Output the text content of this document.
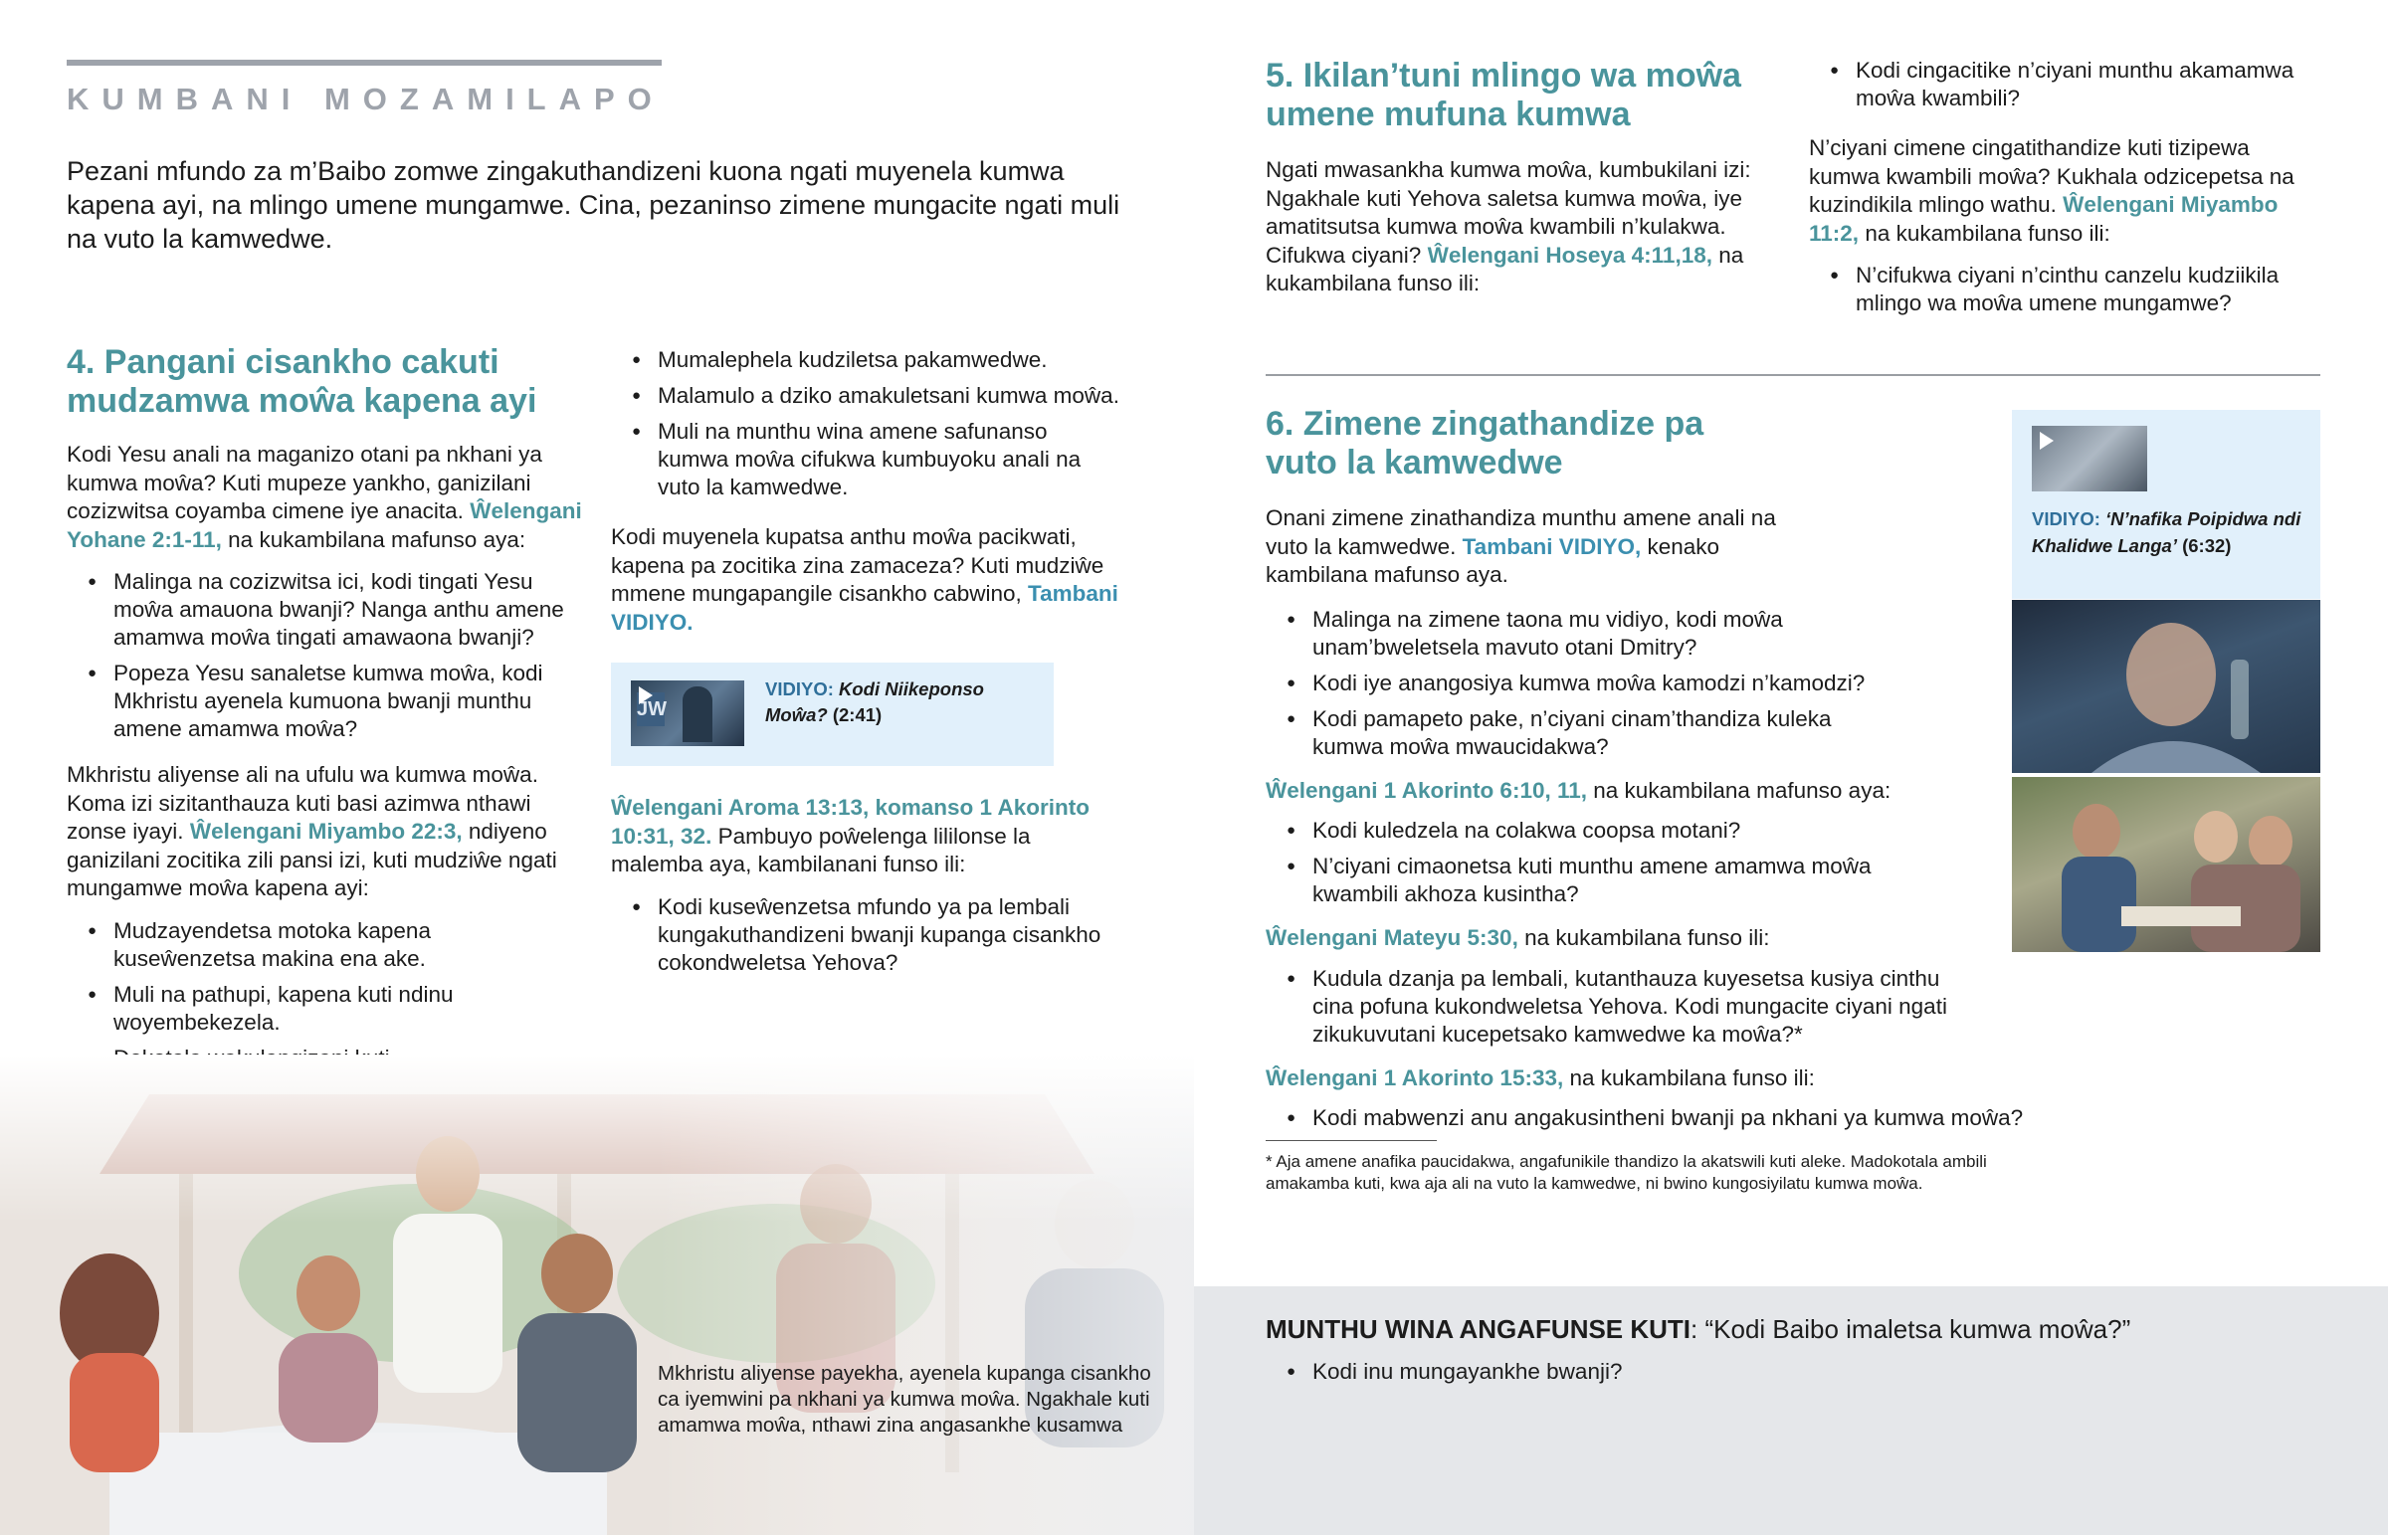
KUMBANI MOZAMILAPO

Pezani mfundo za m’Baibo zomwe zingakuthandizeni kuona ngati muyenela kumwa kapena ayi, na mlingo umene mungamwe. Cina, pezaninso zimene mungacite ngati muli na vuto la kamwedwe.

4. Pangani cisankho cakuti mudzamwa moŵa kapena ayi

Kodi Yesu anali na maganizo otani pa nkhani ya kumwa moŵa? Kuti mupeze yankho, ganizilani cozizwitsa coyamba cimene iye anacita. Ŵelengani Yohane 2:1-11, na kukambilana mafunso aya:

● Malinga na cozizwitsa ici, kodi tingati Yesu moŵa amauona bwanji? Nanga anthu amene amamwa moŵa tingati amawaona bwanji?
● Popeza Yesu sanaletse kumwa moŵa, kodi Mkhristu ayenela kumuona bwanji munthu amene amamwa moŵa?

Mkhristu aliyense ali na ufulu wa kumwa moŵa. Koma izi sizitanthauza kuti basi azimwa nthawi zonse iyayi. Ŵelengani Miyambo 22:3, ndiyeno ganizilani zocitika zili pansi izi, kuti mudziŵe ngati mungamwe moŵa kapena ayi:

● Mudzayendetsa motoka kapena kuseŵenzetsa makina ena ake.
● Muli na pathupi, kapena kuti ndinu woyembekezela.
●
● Mumalephela kudziletsa pakamwedwe.
● Malamulo a dziko amakuletsani kumwa moŵa.
● Muli na munthu wina amene safunanso kumwa moŵa cifukwa kumbuyoku anali na vuto la kamwedwe.

Kodi muyenela kupatsa anthu moŵa pacikwati, kapena pa zocitika zina zamaceza? Kuti mudziŵe mmene mungapangile cisankho cabwino, Tambani VIDIYO.

JW
VIDIYO: Kodi Niikeponso Moŵa? (2:41)

Ŵelengani Aroma 13:13, komanso 1 Akorinto 10:31, 32. Pambuyo poŵelenga lililonse la malemba aya, kambilanani funso ili:

● Kodi kuseŵenzetsa mfundo ya pa lembali kungakuthandizeni bwanji kupanga cisankho cokondweletsa Yehova?

Mkhristu aliyense payekha, ayenela kupanga cisankho ca iyemwini pa nkhani ya kumwa moŵa. Ngakhale kuti amamwa moŵa, nthawi zina angasankhe kusamwa

5. Ikilan’tuni mlingo wa moŵa umene mufuna kumwa

Ngati mwasankha kumwa moŵa, kumbukilani izi: Ngakhale kuti Yehova saletsa kumwa moŵa, iye amatitsutsa kumwa moŵa kwambili n’kulakwa. Cifukwa ciyani? Ŵelengani Hoseya 4:11,18, na kukambilana funso ili:

● Kodi cingacitike n’ciyani munthu akamamwa moŵa kwambili?

N’ciyani cimene cingatithandize kuti tizipewa kumwa kwambili moŵa? Kukhala odzicepetsa na kuzindikila mlingo wathu. Ŵelengani Miyambo 11:2, na kukambilana funso ili:

● N’cifukwa ciyani n’cinthu canzelu kudziikila mlingo wa moŵa umene mungamwe?
6. Zimene zingathandize pa vuto la kamwedwe

Onani zimene zinathandiza munthu amene anali na vuto la kamwedwe. Tambani VIDIYO, kenako kambilana mafunso aya.

● Malinga na zimene taona mu vidiyo, kodi moŵa unam’bweletsela mavuto otani Dmitry?
● Kodi iye anangosiya kumwa moŵa kamodzi n’kamodzi?
● Kodi pamapeto pake, n’ciyani cinam’thandiza kuleka kumwa moŵa mwaucidakwa?

Ŵelengani 1 Akorinto 6:10, 11, na kukambilana mafunso aya:

● Kodi kuledzela na colakwa coopsa motani?
● N’ciyani cimaonetsa kuti munthu amene amamwa moŵa kwambili akhoza kusintha?

Ŵelengani Mateyu 5:30, na kukambilana funso ili:

● Kudula dzanja pa lembali, kutanthauza kuyesetsa kusiya cinthu cina pofuna kukondweletsa Yehova. Kodi mungacite ciyani ngati zikukuvutani kucepetsako kamwedwe ka moŵa?*

Ŵelengani 1 Akorinto 15:33, na kukambilana funso ili:

● Kodi mabwenzi anu angakusintheni bwanji pa nkhani ya kumwa moŵa?

* Aja amene anafika paucidakwa, angafunikile thandizo la akatswili kuti aleke. Madokotala ambili amakamba kuti, kwa aja ali na vuto la kamwedwe, ni bwino kungosiyilatu kumwa moŵa.

VIDIYO: ‘N’nafika Poipidwa ndi Khalidwe Langa’ (6:32)

MUNTHU WINA ANGAFUNSE KUTI: “Kodi Baibo imaletsa kumwa moŵa?”

● Kodi inu mungayankhe bwanji?
